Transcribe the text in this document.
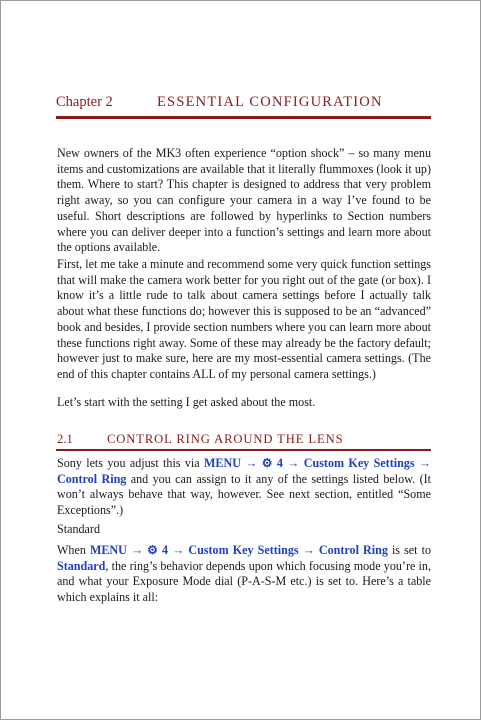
Chapter 2	ESSENTIAL CONFIGURATION

New owners of the MK3 often experience “option shock” – so many menu items and customizations are available that it literally flummoxes (look it up) them. Where to start? This chapter is designed to address that very problem right away, so you can configure your camera in a way I’ve found to be useful. Short descriptions are followed by hyperlinks to Section numbers where you can deliver deeper into a function’s settings and learn more about the options available.

First, let me take a minute and recommend some very quick function settings that will make the camera work better for you right out of the gate (or box). I know it’s a little rude to talk about camera settings before I actually talk about what these functions do; however this is supposed to be an “advanced” book and besides, I provide section numbers where you can learn more about these functions right away. Some of these may already be the factory default; however just to make sure, here are my most-essential camera settings. (The end of this chapter contains ALL of my personal camera settings.)

Let’s start with the setting I get asked about the most.

2.1	CONTROL RING AROUND THE LENS

Sony lets you adjust this via MENU → ⚙ 4 → Custom Key Settings → Control Ring and you can assign to it any of the settings listed below. (It won’t always behave that way, however. See next section, entitled “Some Exceptions”.)

Standard

When MENU → ⚙ 4 → Custom Key Settings → Control Ring is set to Standard, the ring’s behavior depends upon which focusing mode you’re in, and what your Exposure Mode dial (P-A-S-M etc.) is set to. Here’s a table which explains it all:
